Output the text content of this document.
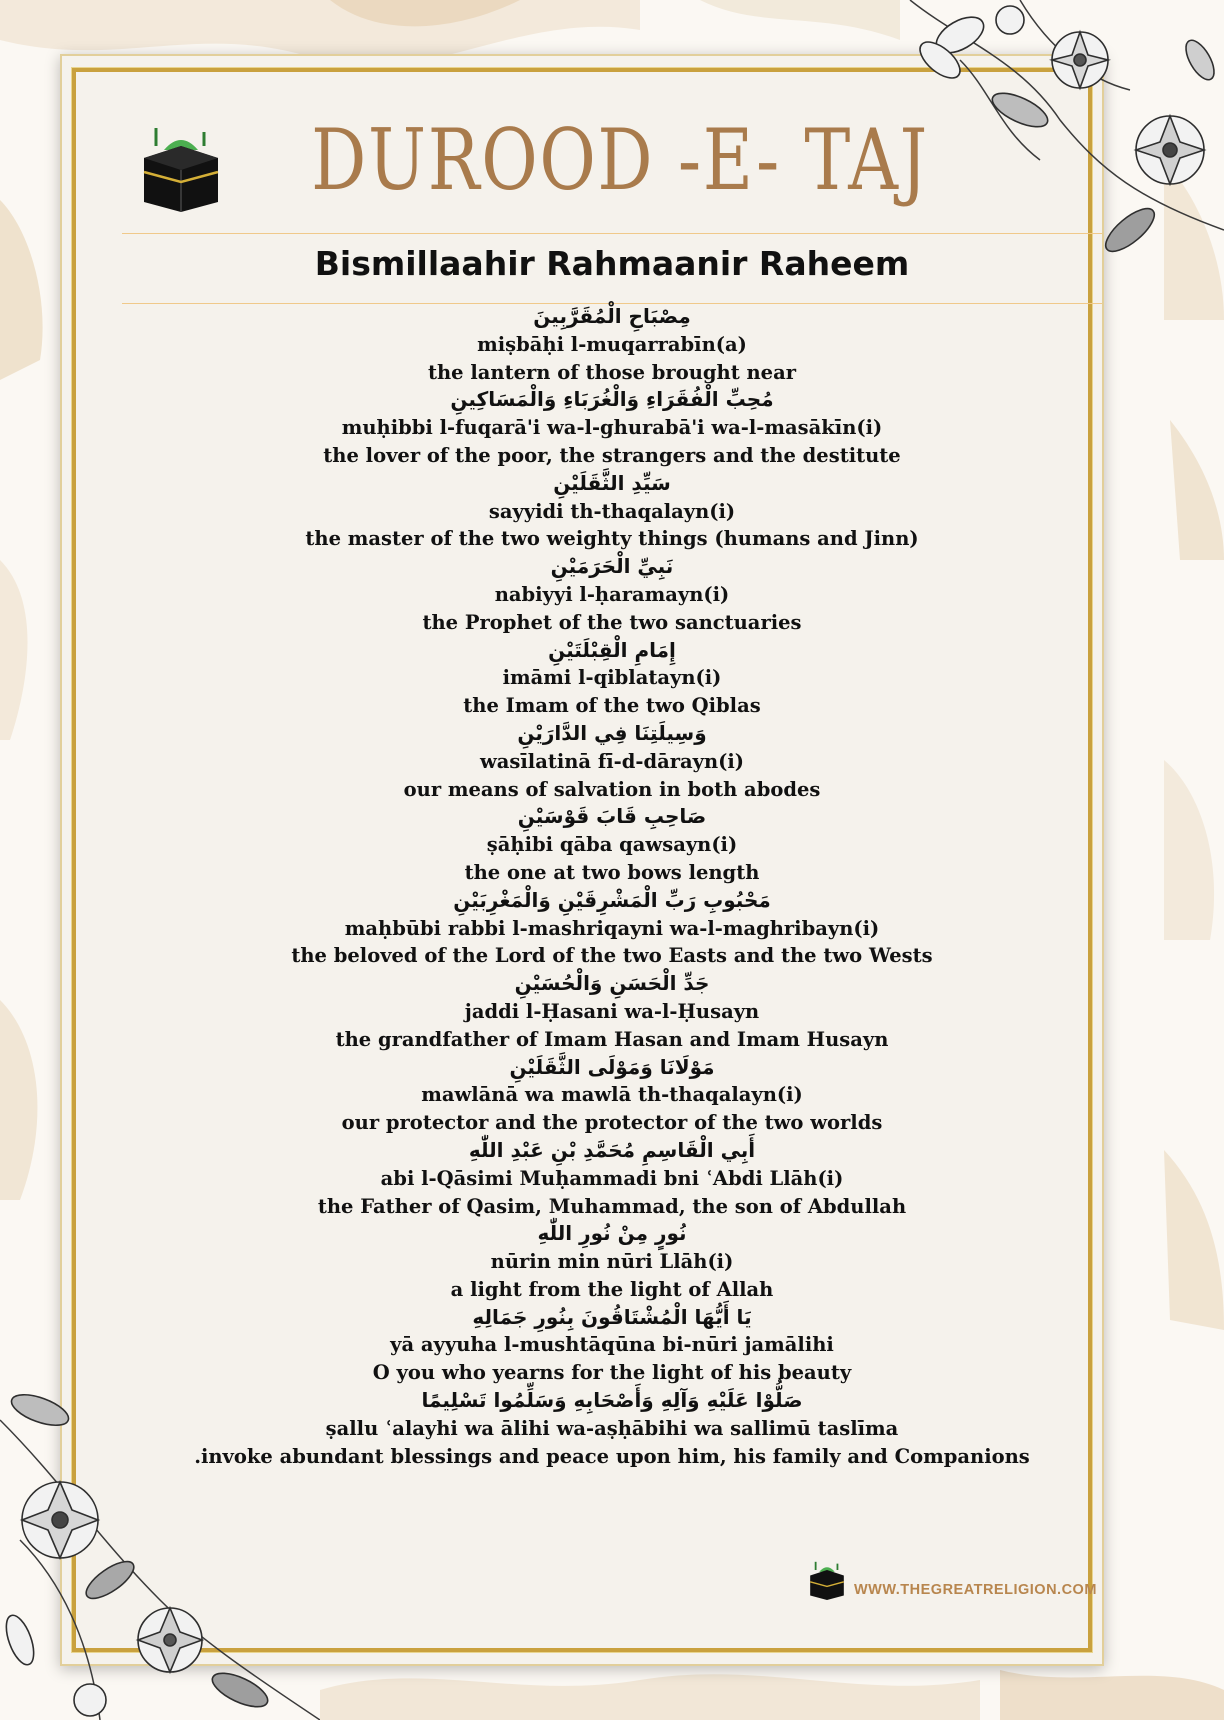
DUROOD -E- TAJ
Bismillaahir Rahmaanir Raheem
مِصْبَاحِ الْمُقَرَّبِينَ
miṣbāḥi l-muqarrabīn(a)
the lantern of those brought near
مُحِبِّ الْفُقَرَاءِ وَالْغُرَبَاءِ وَالْمَسَاكِينِ
muḥibbi l-fuqarā'i wa-l-ghurabā'i wa-l-masākīn(i)
the lover of the poor, the strangers and the destitute
سَيِّدِ الثَّقَلَيْنِ
sayyidi th-thaqalayn(i)
the master of the two weighty things (humans and Jinn)
نَبِيِّ الْحَرَمَيْنِ
nabiyyi l-ḥaramayn(i)
the Prophet of the two sanctuaries
إِمَامِ الْقِبْلَتَيْنِ
imāmi l-qiblatayn(i)
the Imam of the two Qiblas
وَسِيلَتِنَا فِي الدَّارَيْنِ
wasīlatinā fī-d-dārayn(i)
our means of salvation in both abodes
صَاحِبِ قَابَ قَوْسَيْنِ
ṣāḥibi qāba qawsayn(i)
the one at two bows length
مَحْبُوبِ رَبِّ الْمَشْرِقَيْنِ وَالْمَغْرِبَيْنِ
maḥbūbi rabbi l-mashriqayni wa-l-maghribayn(i)
the beloved of the Lord of the two Easts and the two Wests
جَدِّ الْحَسَنِ وَالْحُسَيْنِ
jaddi l-Ḥasani wa-l-Ḥusayn
the grandfather of Imam Hasan and Imam Husayn
مَوْلَانَا وَمَوْلَى الثَّقَلَيْنِ
mawlānā wa mawlā th-thaqalayn(i)
our protector and the protector of the two worlds
أَبِي الْقَاسِمِ مُحَمَّدِ بْنِ عَبْدِ اللّٰهِ
abi l-Qāsimi Muḥammadi bni ʿAbdi Llāh(i)
the Father of Qasim, Muhammad, the son of Abdullah
نُورٍ مِنْ نُورِ اللّٰهِ
nūrin min nūri Llāh(i)
a light from the light of Allah
يَا أَيُّهَا الْمُشْتَاقُونَ بِنُورِ جَمَالِهِ
yā ayyuha l-mushtāqūna bi-nūri jamālihi
O you who yearns for the light of his beauty
صَلُّوْا عَلَيْهِ وَآلِهِ وَأَصْحَابِهِ وَسَلِّمُوا تَسْلِيمًا
ṣallu ʿalayhi wa ālihi wa-aṣḥābihi wa sallimū taslīma
.invoke abundant blessings and peace upon him, his family and Companions

WWW.THEGREATRELIGION.COM
